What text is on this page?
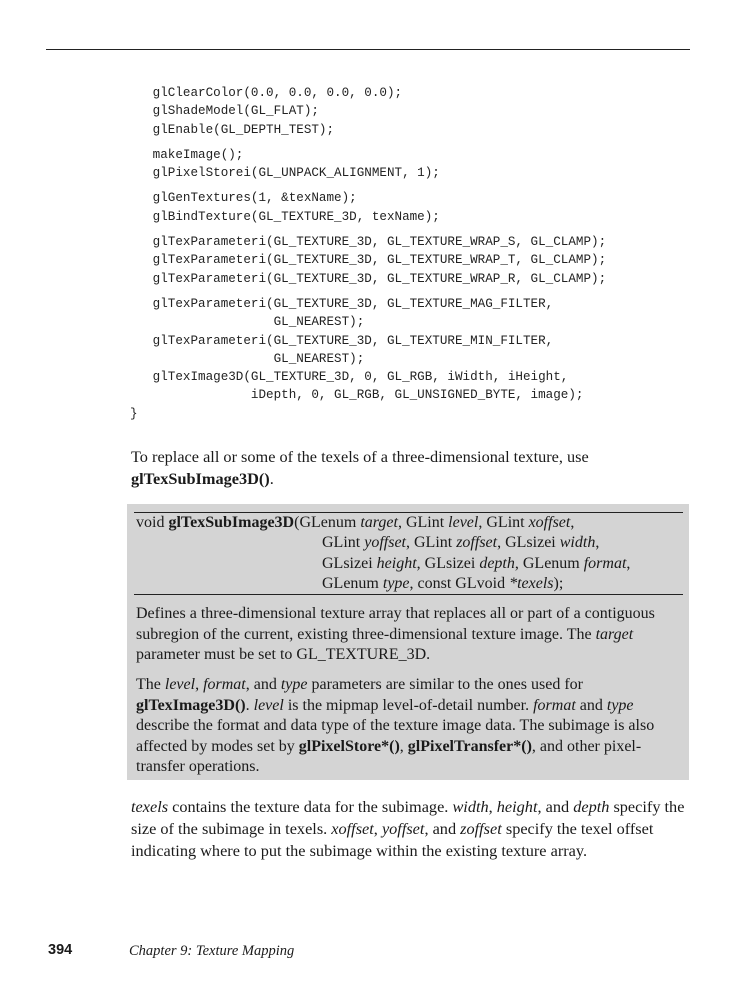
glClearColor(0.0, 0.0, 0.0, 0.0);
glShadeModel(GL_FLAT);
glEnable(GL_DEPTH_TEST);
makeImage();
glPixelStorei(GL_UNPACK_ALIGNMENT, 1);
glGenTextures(1, &texName);
glBindTexture(GL_TEXTURE_3D, texName);
glTexParameteri(GL_TEXTURE_3D, GL_TEXTURE_WRAP_S, GL_CLAMP);
glTexParameteri(GL_TEXTURE_3D, GL_TEXTURE_WRAP_T, GL_CLAMP);
glTexParameteri(GL_TEXTURE_3D, GL_TEXTURE_WRAP_R, GL_CLAMP);
glTexParameteri(GL_TEXTURE_3D, GL_TEXTURE_MAG_FILTER,
GL_NEAREST);
glTexParameteri(GL_TEXTURE_3D, GL_TEXTURE_MIN_FILTER,
GL_NEAREST);
glTexImage3D(GL_TEXTURE_3D, 0, GL_RGB, iWidth, iHeight,
iDepth, 0, GL_RGB, GL_UNSIGNED_BYTE, image);
}
To replace all or some of the texels of a three-dimensional texture, use glTexSubImage3D().
void glTexSubImage3D(GLenum target, GLint level, GLint xoffset,
GLint yoffset, GLint zoffset, GLsizei width,
GLsizei height, GLsizei depth, GLenum format,
GLenum type, const GLvoid *texels);
Defines a three-dimensional texture array that replaces all or part of a contiguous subregion of the current, existing three-dimensional texture image. The target parameter must be set to GL_TEXTURE_3D.
The level, format, and type parameters are similar to the ones used for glTexImage3D(). level is the mipmap level-of-detail number. format and type describe the format and data type of the texture image data. The subimage is also affected by modes set by glPixelStore*(), glPixelTransfer*(), and other pixel-transfer operations.
texels contains the texture data for the subimage. width, height, and depth specify the size of the subimage in texels. xoffset, yoffset, and zoffset specify the texel offset indicating where to put the subimage within the existing texture array.
394	Chapter 9: Texture Mapping
